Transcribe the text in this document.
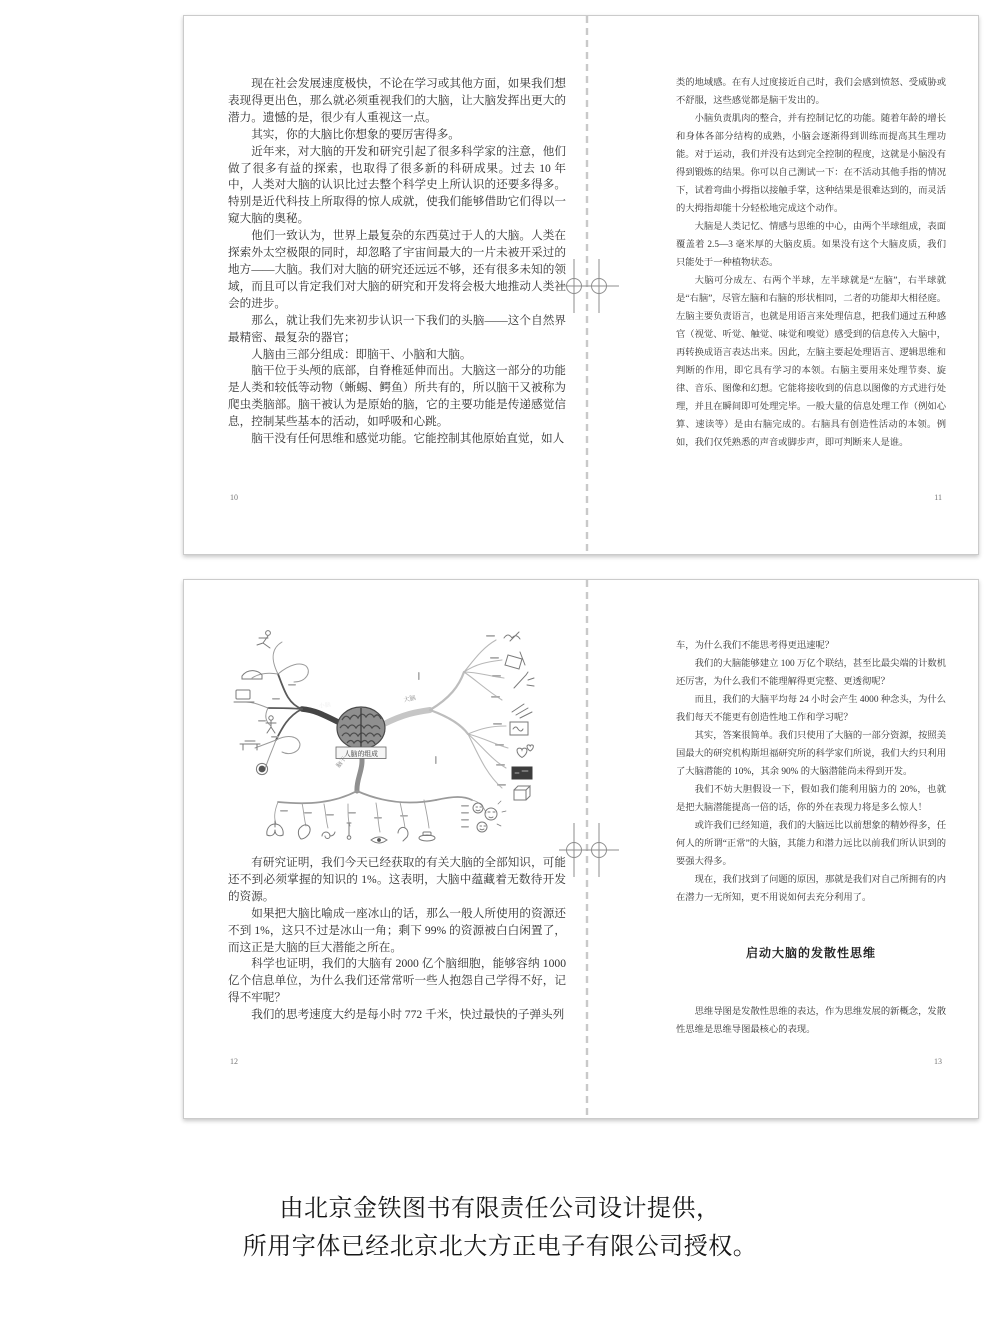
现在社会发展速度极快，不论在学习或其他方面，如果我们想表现得更出色，那么就必须重视我们的大脑，让大脑发挥出更大的潜力。遗憾的是，很少有人重视这一点。

其实，你的大脑比你想象的要厉害得多。

近年来，对大脑的开发和研究引起了很多科学家的注意，他们做了很多有益的探索，也取得了很多新的科研成果。过去 10 年中，人类对大脑的认识比过去整个科学史上所认识的还要多得多。特别是近代科技上所取得的惊人成就，使我们能够借助它们得以一窥大脑的奥秘。

他们一致认为，世界上最复杂的东西莫过于人的大脑。人类在探索外太空极限的同时，却忽略了宇宙间最大的一片未被开采过的地方——大脑。我们对大脑的研究还远远不够，还有很多未知的领域，而且可以肯定我们对大脑的研究和开发将会极大地推动人类社会的进步。

那么，就让我们先来初步认识一下我们的头脑——这个自然界最精密、最复杂的器官；

人脑由三部分组成：即脑干、小脑和大脑。

脑干位于头颅的底部，自脊椎延伸而出。大脑这一部分的功能是人类和较低等动物（蜥蜴、鳄鱼）所共有的，所以脑干又被称为爬虫类脑部。脑干被认为是原始的脑，它的主要功能是传递感觉信息，控制某些基本的活动，如呼吸和心跳。

脑干没有任何思维和感觉功能。它能控制其他原始直觉，如人

类的地域感。在有人过度接近自己时，我们会感到愤怒、受威胁或不舒服，这些感觉都是脑干发出的。

小脑负责肌肉的整合，并有控制记忆的功能。随着年龄的增长和身体各部分结构的成熟，小脑会逐渐得到训练而提高其生理功能。对于运动，我们并没有达到完全控制的程度，这就是小脑没有得到锻炼的结果。你可以自己测试一下：在不活动其他手指的情况下，试着弯曲小拇指以接触手掌，这种结果是很难达到的，而灵活的大拇指却能十分轻松地完成这个动作。

大脑是人类记忆、情感与思维的中心，由两个半球组成，表面覆盖着 2.5—3 毫米厚的大脑皮质。如果没有这个大脑皮质，我们只能处于一种植物状态。

大脑可分成左、右两个半球，左半球就是“左脑”，右半球就是“右脑”，尽管左脑和右脑的形状相同，二者的功能却大相径庭。左脑主要负责语言，也就是用语言来处理信息，把我们通过五种感官（视觉、听觉、触觉、味觉和嗅觉）感受到的信息传入大脑中，再转换成语言表达出来。因此，左脑主要起处理语言、逻辑思维和判断的作用，即它具有学习的本领。右脑主要用来处理节奏、旋律、音乐、图像和幻想。它能将接收到的信息以图像的方式进行处理，并且在瞬间即可处理完毕。一般大量的信息处理工作（例如心算、速读等）是由右脑完成的。右脑具有创造性活动的本领。例如，我们仅凭熟悉的声音或脚步声，即可判断来人是谁。

10	11
人脑的组成
大脑
小脑
脑干

有研究证明，我们今天已经获取的有关大脑的全部知识，可能还不到必须掌握的知识的 1%。这表明，大脑中蕴藏着无数待开发的资源。

如果把大脑比喻成一座冰山的话，那么一般人所使用的资源还不到 1%，这只不过是冰山一角；剩下 99% 的资源被白白闲置了，而这正是大脑的巨大潜能之所在。

科学也证明，我们的大脑有 2000 亿个脑细胞，能够容纳 1000 亿个信息单位，为什么我们还常常听一些人抱怨自己学得不好，记得不牢呢？

我们的思考速度大约是每小时 772 千米，快过最快的子弹头列

车，为什么我们不能思考得更迅速呢？

我们的大脑能够建立 100 万亿个联结，甚至比最尖端的计数机还厉害，为什么我们不能理解得更完整、更透彻呢？

而且，我们的大脑平均每 24 小时会产生 4000 种念头，为什么我们每天不能更有创造性地工作和学习呢？

其实，答案很简单。我们只使用了大脑的一部分资源，按照美国最大的研究机构斯坦福研究所的科学家们所说，我们大约只利用了大脑潜能的 10%，其余 90% 的大脑潜能尚未得到开发。

我们不妨大胆假设一下，假如我们能利用脑力的 20%，也就是把大脑潜能提高一倍的话，你的外在表现力将是多么惊人！

或许我们已经知道，我们的大脑远比以前想象的精妙得多，任何人的所谓“正常”的大脑，其能力和潜力远比以前我们所认识到的要强大得多。

现在，我们找到了问题的原因，那就是我们对自己所拥有的内在潜力一无所知，更不用说如何去充分利用了。

启动大脑的发散性思维

思维导图是发散性思维的表达，作为思维发展的新概念，发散性思维是思维导图最核心的表现。

12	13
由北京金铁图书有限责任公司设计提供，
所用字体已经北京北大方正电子有限公司授权。
